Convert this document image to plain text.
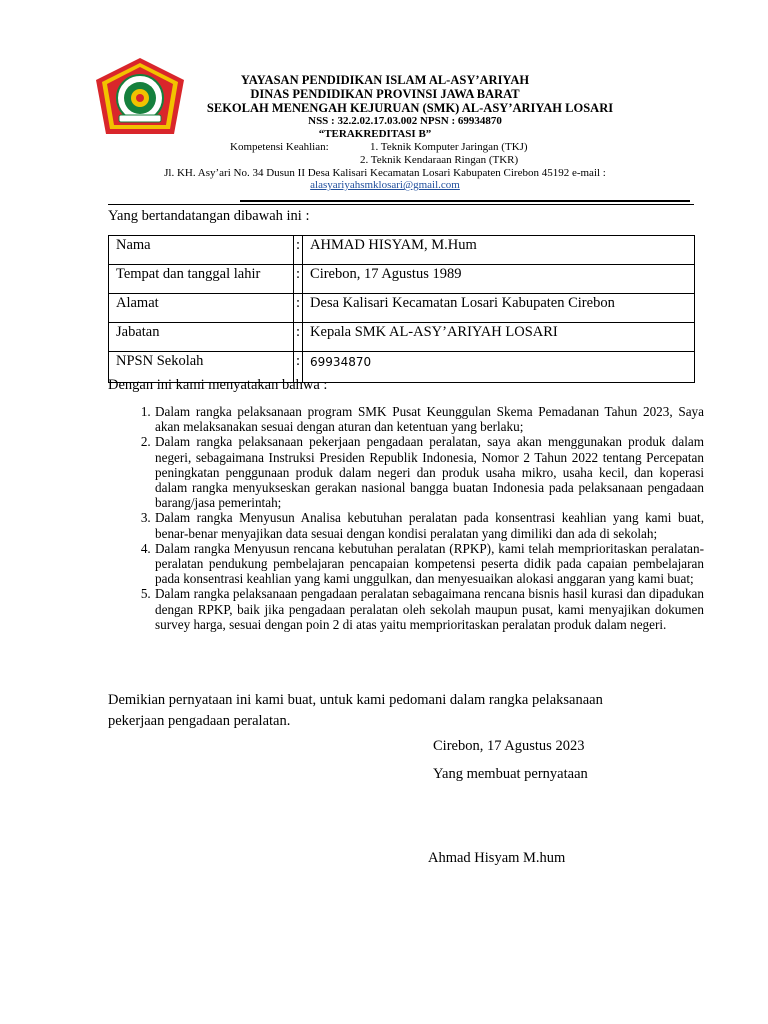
YAYASAN PENDIDIKAN ISLAM AL-ASY’ARIYAH
DINAS PENDIDIKAN PROVINSI JAWA BARAT
SEKOLAH MENENGAH KEJURUAN (SMK) AL-ASY’ARIYAH LOSARI
NSS : 32.2.02.17.03.002 NPSN : 69934870
“TERAKREDITASI B”
Kompetensi Keahlian:	1. Teknik Komputer Jaringan (TKJ)
2. Teknik Kendaraan Ringan (TKR)
Jl. KH. Asy’ari No. 34 Dusun II Desa Kalisari Kecamatan Losari Kabupaten Cirebon 45192 e-mail :
alasyariyahsmklosari@gmail.com
Yang bertandatangan dibawah ini :
Nama	:	AHMAD HISYAM, M.Hum
Tempat dan tanggal lahir	:	Cirebon, 17 Agustus 1989
Alamat	:	Desa Kalisari Kecamatan Losari Kabupaten Cirebon
Jabatan	:	Kepala SMK AL-ASY’ARIYAH LOSARI
NPSN Sekolah	:	69934870
Dengan ini kami menyatakan bahwa :
1. Dalam rangka pelaksanaan program SMK Pusat Keunggulan Skema Pemadanan Tahun 2023, Saya akan melaksanakan sesuai dengan aturan dan ketentuan yang berlaku;
2. Dalam rangka pelaksanaan pekerjaan pengadaan peralatan, saya akan menggunakan produk dalam negeri, sebagaimana Instruksi Presiden Republik Indonesia, Nomor 2 Tahun 2022 tentang Percepatan peningkatan penggunaan produk dalam negeri dan produk usaha mikro, usaha kecil, dan koperasi dalam rangka menyukseskan gerakan nasional bangga buatan Indonesia pada pelaksanaan pengadaan barang/jasa pemerintah;
3. Dalam rangka Menyusun Analisa kebutuhan peralatan pada konsentrasi keahlian yang kami buat, benar-benar menyajikan data sesuai dengan kondisi peralatan yang dimiliki dan ada di sekolah;
4. Dalam rangka Menyusun rencana kebutuhan peralatan (RPKP), kami telah memprioritaskan peralatan-peralatan pendukung pembelajaran pencapaian kompetensi peserta didik pada capaian pembelajaran pada konsentrasi keahlian yang kami unggulkan, dan menyesuaikan alokasi anggaran yang kami buat;
5. Dalam rangka pelaksanaan pengadaan peralatan sebagaimana rencana bisnis hasil kurasi dan dipadukan dengan RPKP, baik jika pengadaan peralatan oleh sekolah maupun pusat, kami menyajikan dokumen survey harga, sesuai dengan poin 2 di atas yaitu memprioritaskan peralatan produk dalam negeri.
Demikian pernyataan ini kami buat, untuk kami pedomani dalam rangka pelaksanaan pekerjaan pengadaan peralatan.
Cirebon, 17 Agustus 2023
Yang membuat pernyataan
Ahmad Hisyam M.hum
